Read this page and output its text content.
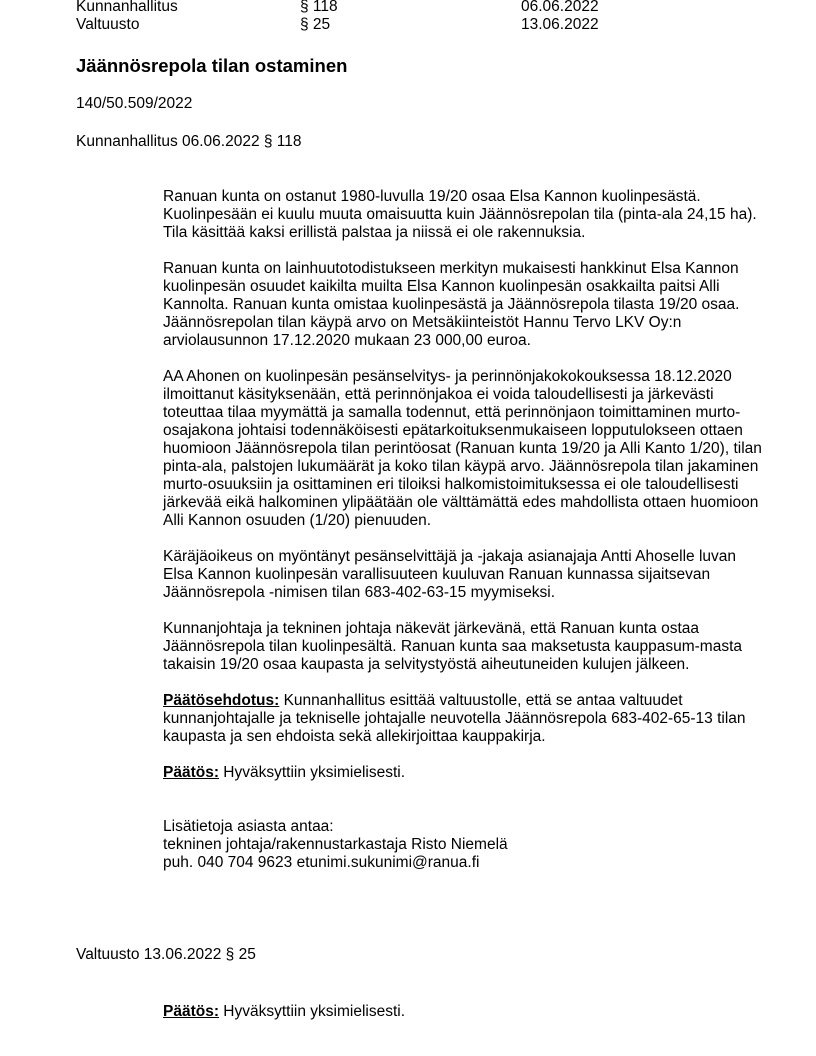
Kunnanhallitus	§ 118	06.06.2022
Valtuusto	§ 25	13.06.2022
Jäännösrepola tilan ostaminen
140/50.509/2022
Kunnanhallitus 06.06.2022 § 118

Ranuan kunta on ostanut 1980-luvulla 19/20 osaa Elsa Kannon kuolinpesästä. Kuolinpesään ei kuulu muuta omaisuutta kuin Jäännösrepolan tila (pinta-ala 24,15 ha). Tila käsittää kaksi erillistä palstaa ja niissä ei ole rakennuksia.

Ranuan kunta on lainhuutotodistukseen merkityn mukaisesti hankkinut Elsa Kannon kuolinpesän osuudet kaikilta muilta Elsa Kannon kuolinpesän osakkailta paitsi Alli Kannolta. Ranuan kunta omistaa kuolinpesästä ja Jäännösrepola tilasta 19/20 osaa. Jäännösrepolan tilan käypä arvo on Metsäkiinteistöt Hannu Tervo LKV Oy:n arviolausunnon 17.12.2020 mukaan 23 000,00 euroa.

AA Ahonen on kuolinpesän pesänselvitys- ja perinnönjakokokouksessa 18.12.2020 ilmoittanut käsityksenään, että perinnönjakoa ei voida taloudellisesti ja järkevästi toteuttaa tilaa myymättä ja samalla todennut, että perinnönjaon toimittaminen murto-osajakona johtaisi todennäköisesti epätarkoituksenmukaiseen lopputulokseen ottaen huomioon Jäännösrepola tilan perintöosat (Ranuan kunta 19/20 ja Alli Kanto 1/20), tilan pinta-ala, palstojen lukumäärät ja koko tilan käypä arvo. Jäännösrepola tilan jakaminen murto-osuuksiin ja osittaminen eri tiloiksi halkomistoimituksessa ei ole taloudellisesti järkevää eikä halkominen ylipäätään ole välttämättä edes mahdollista ottaen huomioon Alli Kannon osuuden (1/20) pienuuden.

Käräjäoikeus on myöntänyt pesänselvittäjä ja -jakaja asianajaja Antti Ahoselle luvan Elsa Kannon kuolinpesän varallisuuteen kuuluvan Ranuan kunnassa sijaitsevan Jäännösrepola -nimisen tilan 683-402-63-15 myymiseksi.

Kunnanjohtaja ja tekninen johtaja näkevät järkevänä, että Ranuan kunta ostaa Jäännösrepola tilan kuolinpesältä. Ranuan kunta saa maksetusta kauppasum-masta takaisin 19/20 osaa kaupasta ja selvitystyöstä aiheutuneiden kulujen jälkeen.

Päätösehdotus: Kunnanhallitus esittää valtuustolle, että se antaa valtuudet kunnanjohtajalle ja tekniselle johtajalle neuvotella Jäännösrepola 683-402-65-13 tilan kaupasta ja sen ehdoista sekä allekirjoittaa kauppakirja.

Päätös: Hyväksyttiin yksimielisesti.

Lisätietoja asiasta antaa:
tekninen johtaja/rakennustarkastaja Risto Niemelä
puh. 040 704 9623 etunimi.sukunimi@ranua.fi

Valtuusto 13.06.2022 § 25

Päätös: Hyväksyttiin yksimielisesti.
